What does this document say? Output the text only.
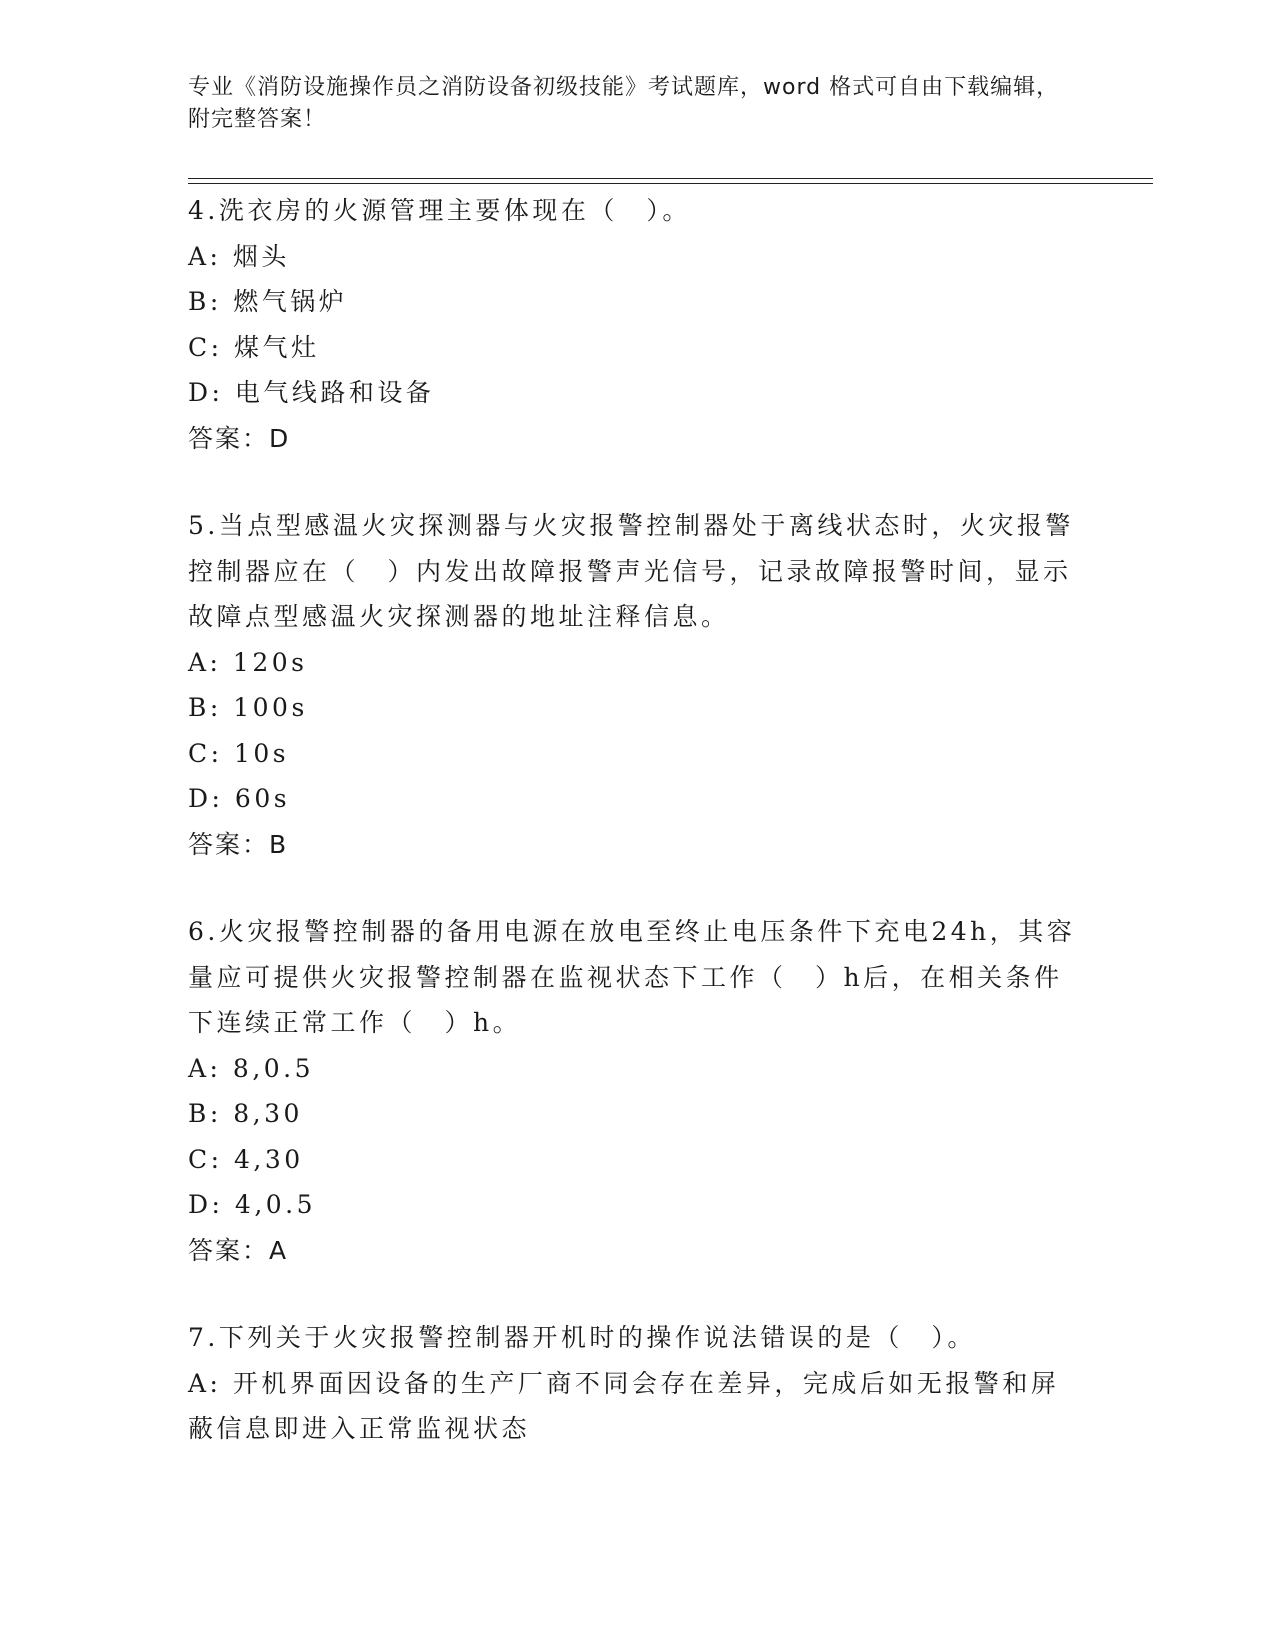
专业《消防设施操作员之消防设备初级技能》考试题库，word 格式可自由下载编辑，附完整答案！
4.洗衣房的火源管理主要体现在（　）。
A: 烟头
B: 燃气锅炉
C: 煤气灶
D: 电气线路和设备
答案：D
5.当点型感温火灾探测器与火灾报警控制器处于离线状态时，火灾报警控制器应在（　）内发出故障报警声光信号，记录故障报警时间，显示故障点型感温火灾探测器的地址注释信息。
A: 120s
B: 100s
C: 10s
D: 60s
答案：B
6.火灾报警控制器的备用电源在放电至终止电压条件下充电24h，其容量应可提供火灾报警控制器在监视状态下工作（　）h后，在相关条件下连续正常工作（　）h。
A: 8,0.5
B: 8,30
C: 4,30
D: 4,0.5
答案：A
7.下列关于火灾报警控制器开机时的操作说法错误的是（　）。
A: 开机界面因设备的生产厂商不同会存在差异，完成后如无报警和屏蔽信息即进入正常监视状态
